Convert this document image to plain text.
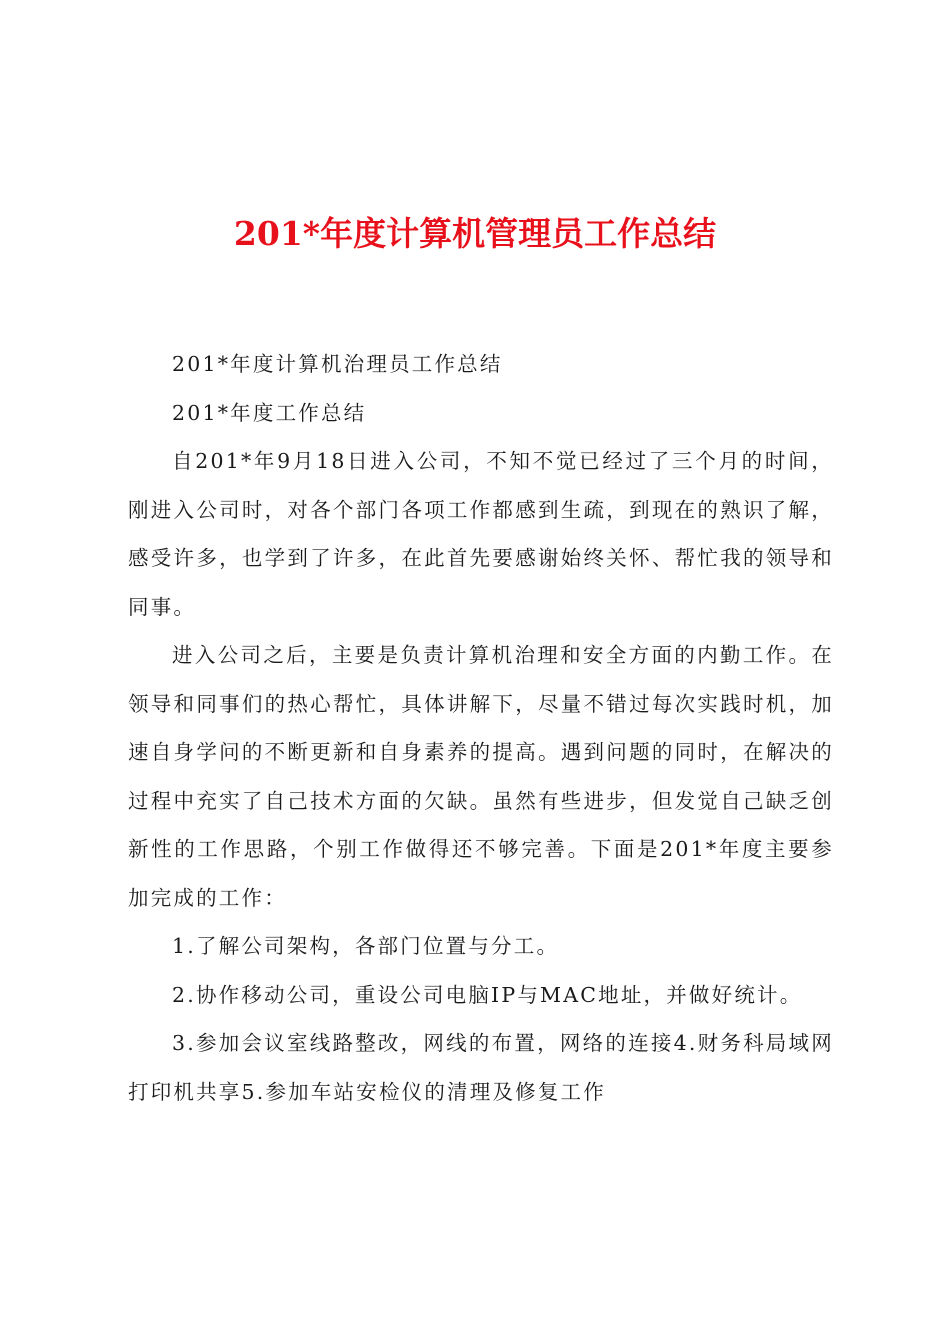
201*年度计算机管理员工作总结

201*年度计算机治理员工作总结

201*年度工作总结

自201*年9月18日进入公司，不知不觉已经过了三个月的时间，刚进入公司时，对各个部门各项工作都感到生疏，到现在的熟识了解，感受许多，也学到了许多，在此首先要感谢始终关怀、帮忙我的领导和同事。

进入公司之后，主要是负责计算机治理和安全方面的内勤工作。在领导和同事们的热心帮忙，具体讲解下，尽量不错过每次实践时机，加速自身学问的不断更新和自身素养的提高。遇到问题的同时，在解决的过程中充实了自己技术方面的欠缺。虽然有些进步，但发觉自己缺乏创新性的工作思路，个别工作做得还不够完善。下面是201*年度主要参加完成的工作：

1.了解公司架构，各部门位置与分工。

2.协作移动公司，重设公司电脑IP与MAC地址，并做好统计。

3.参加会议室线路整改，网线的布置，网络的连接4.财务科局域网打印机共享5.参加车站安检仪的清理及修复工作
